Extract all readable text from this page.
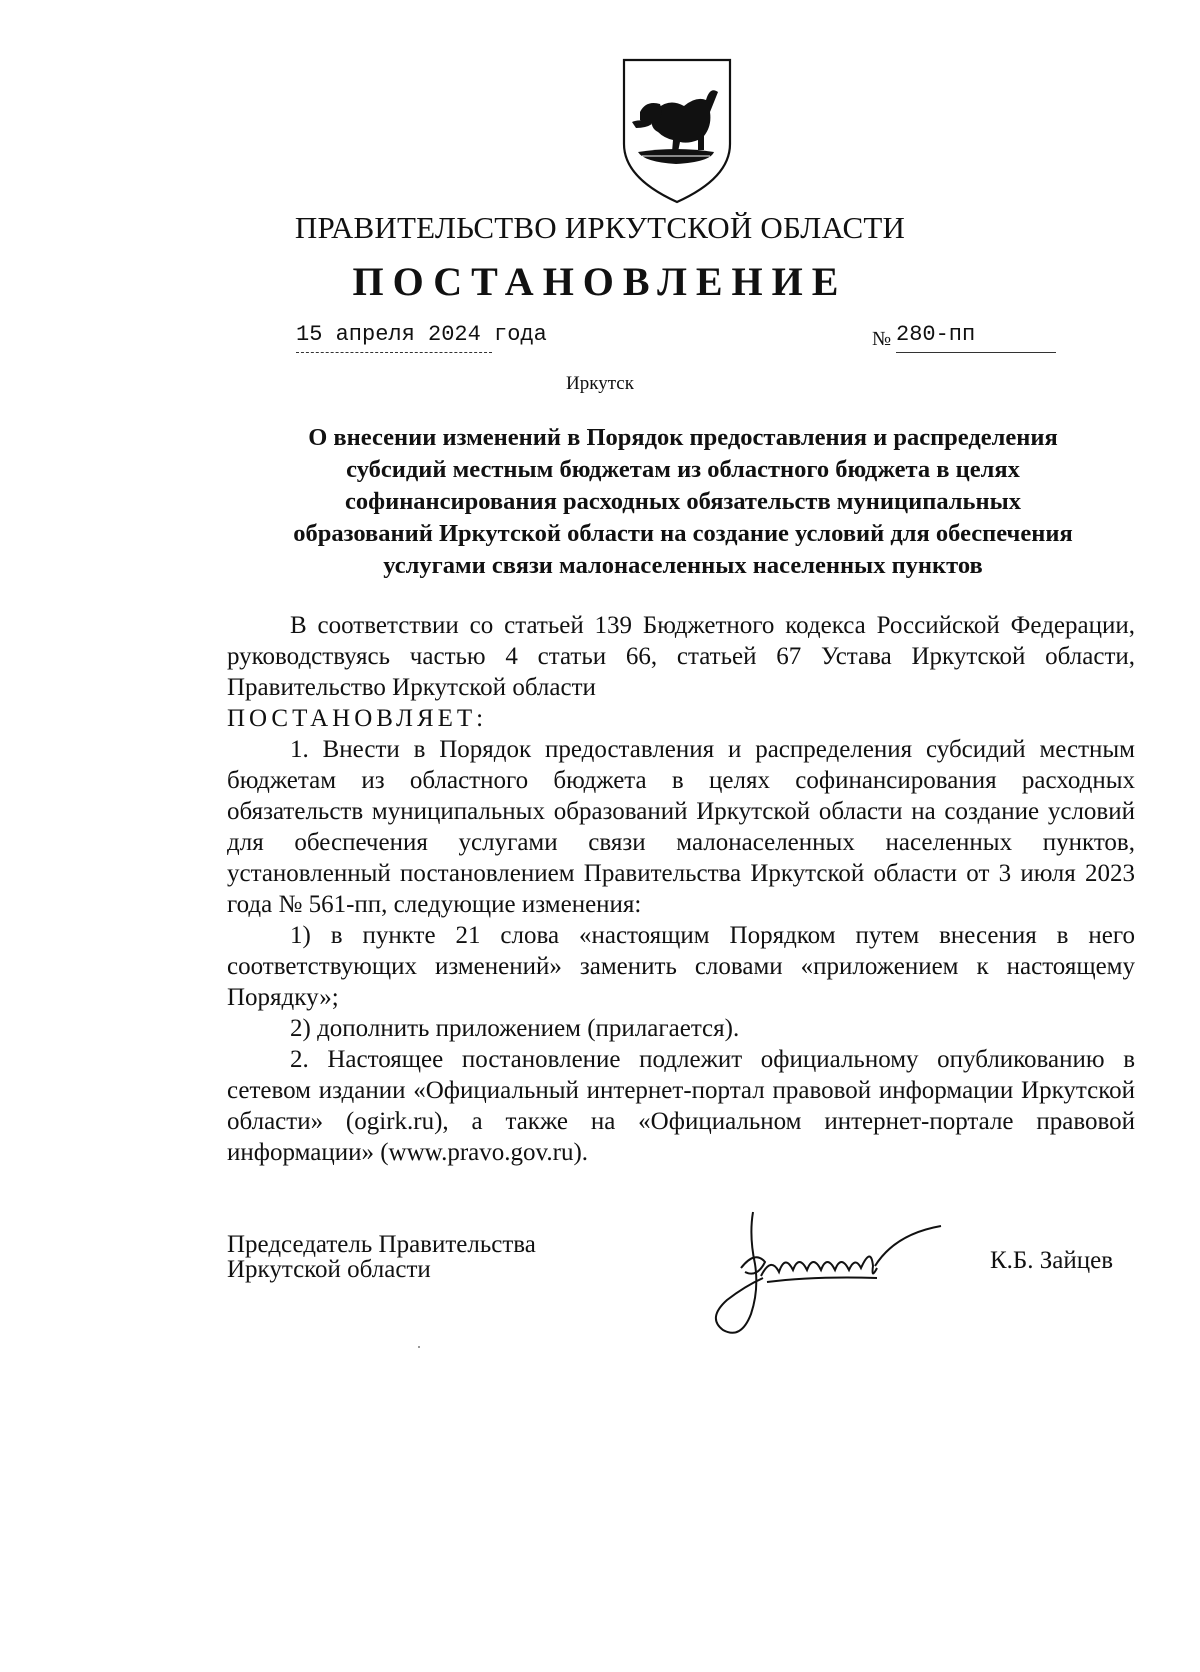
ПРАВИТЕЛЬСТВО ИРКУТСКОЙ ОБЛАСТИ
ПОСТАНОВЛЕНИЕ
15 апреля 2024 года	№ 280-пп
Иркутск
О внесении изменений в Порядок предоставления и распределения
субсидий местным бюджетам из областного бюджета в целях
софинансирования расходных обязательств муниципальных
образований Иркутской области на создание условий для обеспечения
услугами связи малонаселенных населенных пунктов

В соответствии со статьей 139 Бюджетного кодекса Российской Федерации, руководствуясь частью 4 статьи 66, статьей 67 Устава Иркутской области, Правительство Иркутской области

ПОСТАНОВЛЯЕТ:

1. Внести в Порядок предоставления и распределения субсидий местным бюджетам из областного бюджета в целях софинансирования расходных обязательств муниципальных образований Иркутской области на создание условий для обеспечения услугами связи малонаселенных населенных пунктов, установленный постановлением Правительства Иркутской области от 3 июля 2023 года № 561-пп, следующие изменения:

1) в пункте 21 слова «настоящим Порядком путем внесения в него соответствующих изменений» заменить словами «приложением к настоящему Порядку»;

2) дополнить приложением (прилагается).

2. Настоящее постановление подлежит официальному опубликованию в сетевом издании «Официальный интернет-портал правовой информации Иркутской области» (ogirk.ru), а также на «Официальном интернет-портале правовой информации» (www.pravo.gov.ru).

Председатель Правительства
Иркутской области	К.Б. Зайцев
